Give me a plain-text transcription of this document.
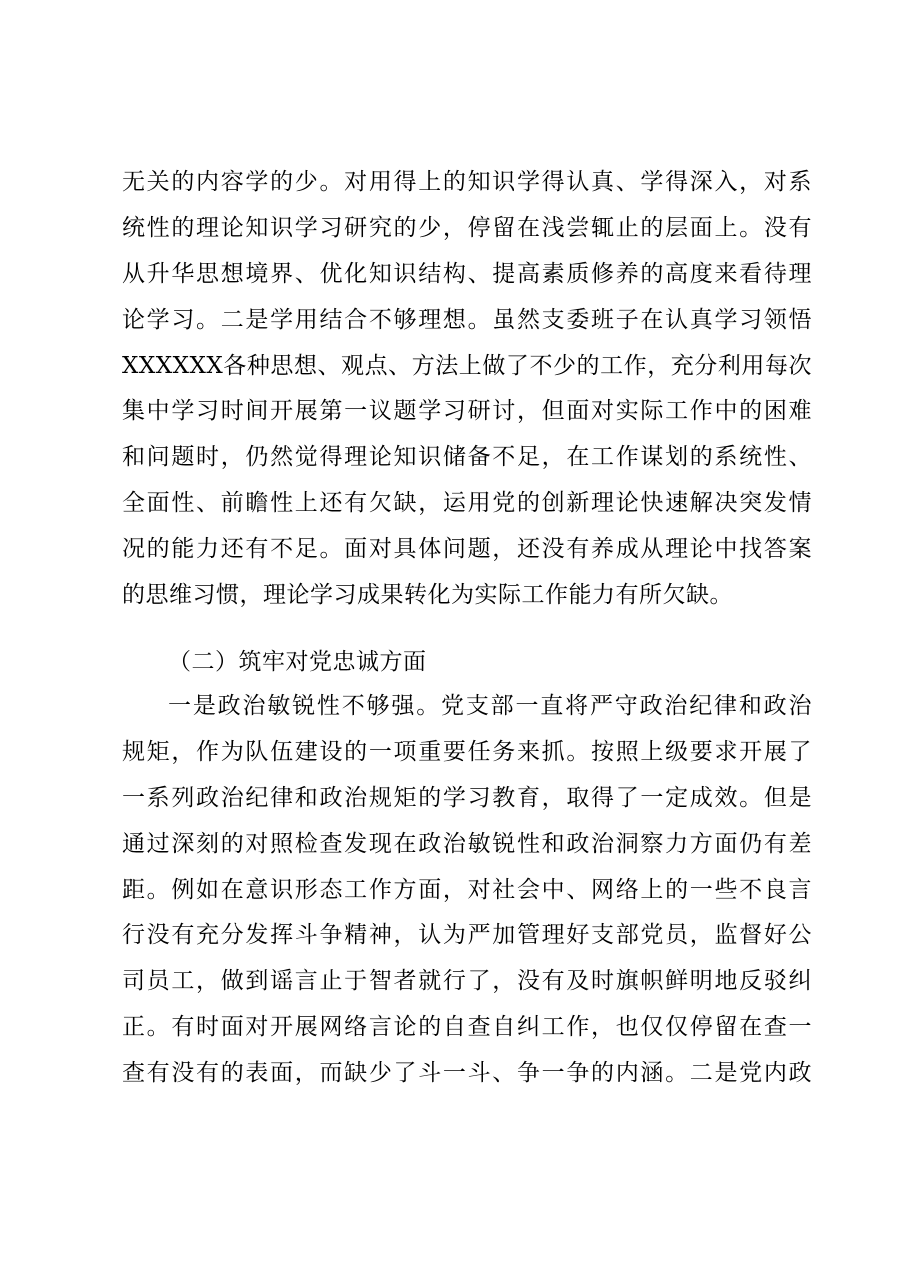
无关的内容学的少。对用得上的知识学得认真、学得深入，对系
统性的理论知识学习研究的少，停留在浅尝辄止的层面上。没有
从升华思想境界、优化知识结构、提高素质修养的高度来看待理
论学习。二是学用结合不够理想。虽然支委班子在认真学习领悟
XXXXXX各种思想、观点、方法上做了不少的工作，充分利用每次
集中学习时间开展第一议题学习研讨，但面对实际工作中的困难
和问题时，仍然觉得理论知识储备不足，在工作谋划的系统性、
全面性、前瞻性上还有欠缺，运用党的创新理论快速解决突发情
况的能力还有不足。面对具体问题，还没有养成从理论中找答案
的思维习惯，理论学习成果转化为实际工作能力有所欠缺。
（二）筑牢对党忠诚方面
一是政治敏锐性不够强。党支部一直将严守政治纪律和政治
规矩，作为队伍建设的一项重要任务来抓。按照上级要求开展了
一系列政治纪律和政治规矩的学习教育，取得了一定成效。但是
通过深刻的对照检查发现在政治敏锐性和政治洞察力方面仍有差
距。例如在意识形态工作方面，对社会中、网络上的一些不良言
行没有充分发挥斗争精神，认为严加管理好支部党员，监督好公
司员工，做到谣言止于智者就行了，没有及时旗帜鲜明地反驳纠
正。有时面对开展网络言论的自查自纠工作，也仅仅停留在查一
查有没有的表面，而缺少了斗一斗、争一争的内涵。二是党内政
